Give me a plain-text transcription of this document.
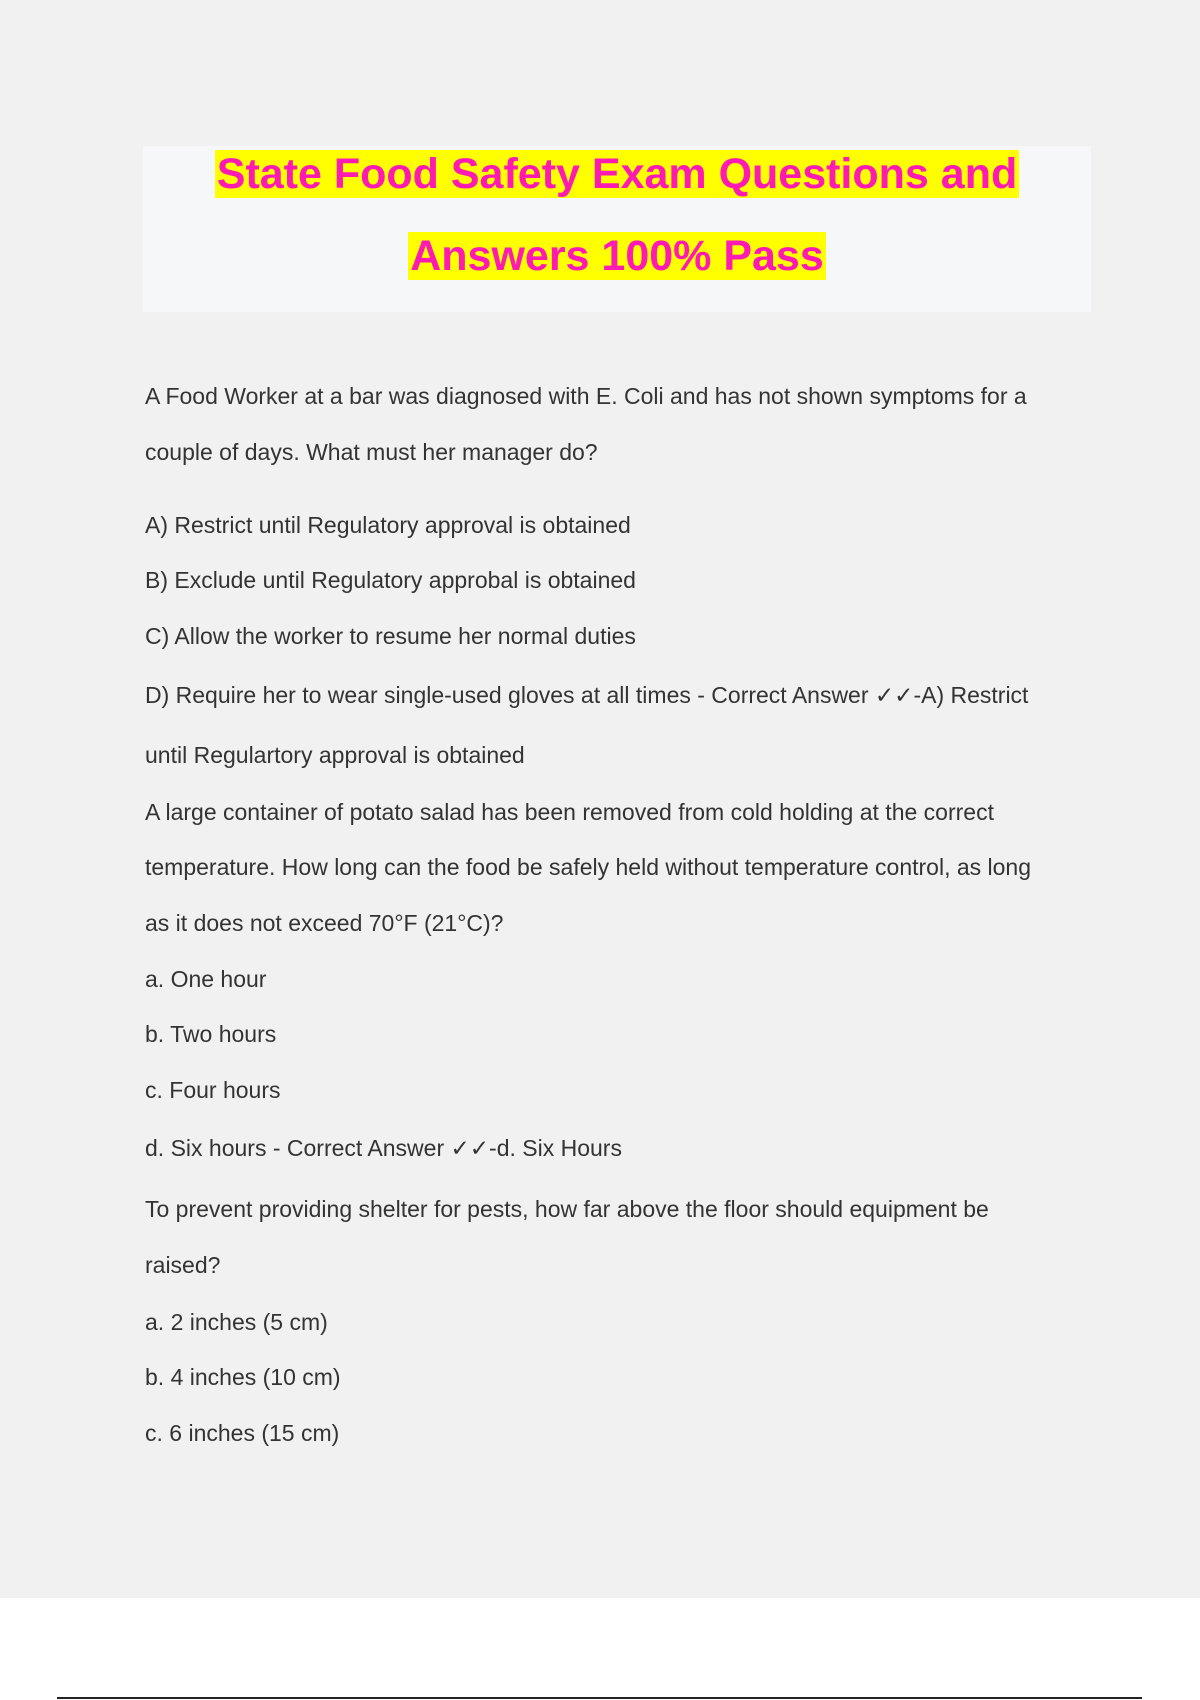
State Food Safety Exam Questions and
Answers 100% Pass
A Food Worker at a bar was diagnosed with E. Coli and has not shown symptoms for a
couple of days. What must her manager do?
A) Restrict until Regulatory approval is obtained
B) Exclude until Regulatory approbal is obtained
C) Allow the worker to resume her normal duties
D) Require her to wear single-used gloves at all times - Correct Answer ✓✓-A) Restrict
until Regulartory approval is obtained
A large container of potato salad has been removed from cold holding at the correct
temperature. How long can the food be safely held without temperature control, as long
as it does not exceed 70°F (21°C)?
a. One hour
b. Two hours
c. Four hours
d. Six hours - Correct Answer ✓✓-d. Six Hours
To prevent providing shelter for pests, how far above the floor should equipment be
raised?
a. 2 inches (5 cm)
b. 4 inches (10 cm)
c. 6 inches (15 cm)
